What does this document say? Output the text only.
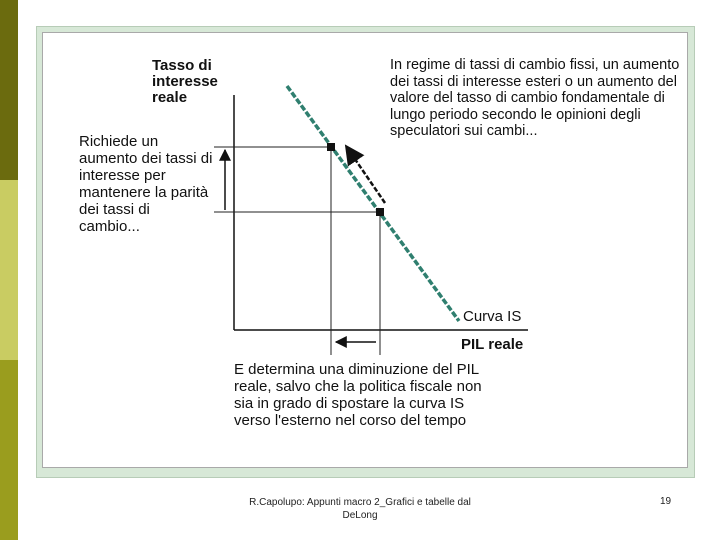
Tasso di interesse reale
PIL reale
Curva IS
In regime di tassi di cambio fissi, un aumento dei tassi di interesse esteri o un aumento del valore del tasso di cambio fondamentale di lungo periodo secondo le opinioni degli speculatori sui cambi...
Richiede un aumento dei tassi di interesse per mantenere la parità dei tassi di cambio...
E determina una diminuzione del PIL reale, salvo che la politica fiscale non sia in grado di spostare la curva IS verso l'esterno nel corso del tempo
R.Capolupo: Appunti macro 2_Grafici e tabelle dal DeLong
19
